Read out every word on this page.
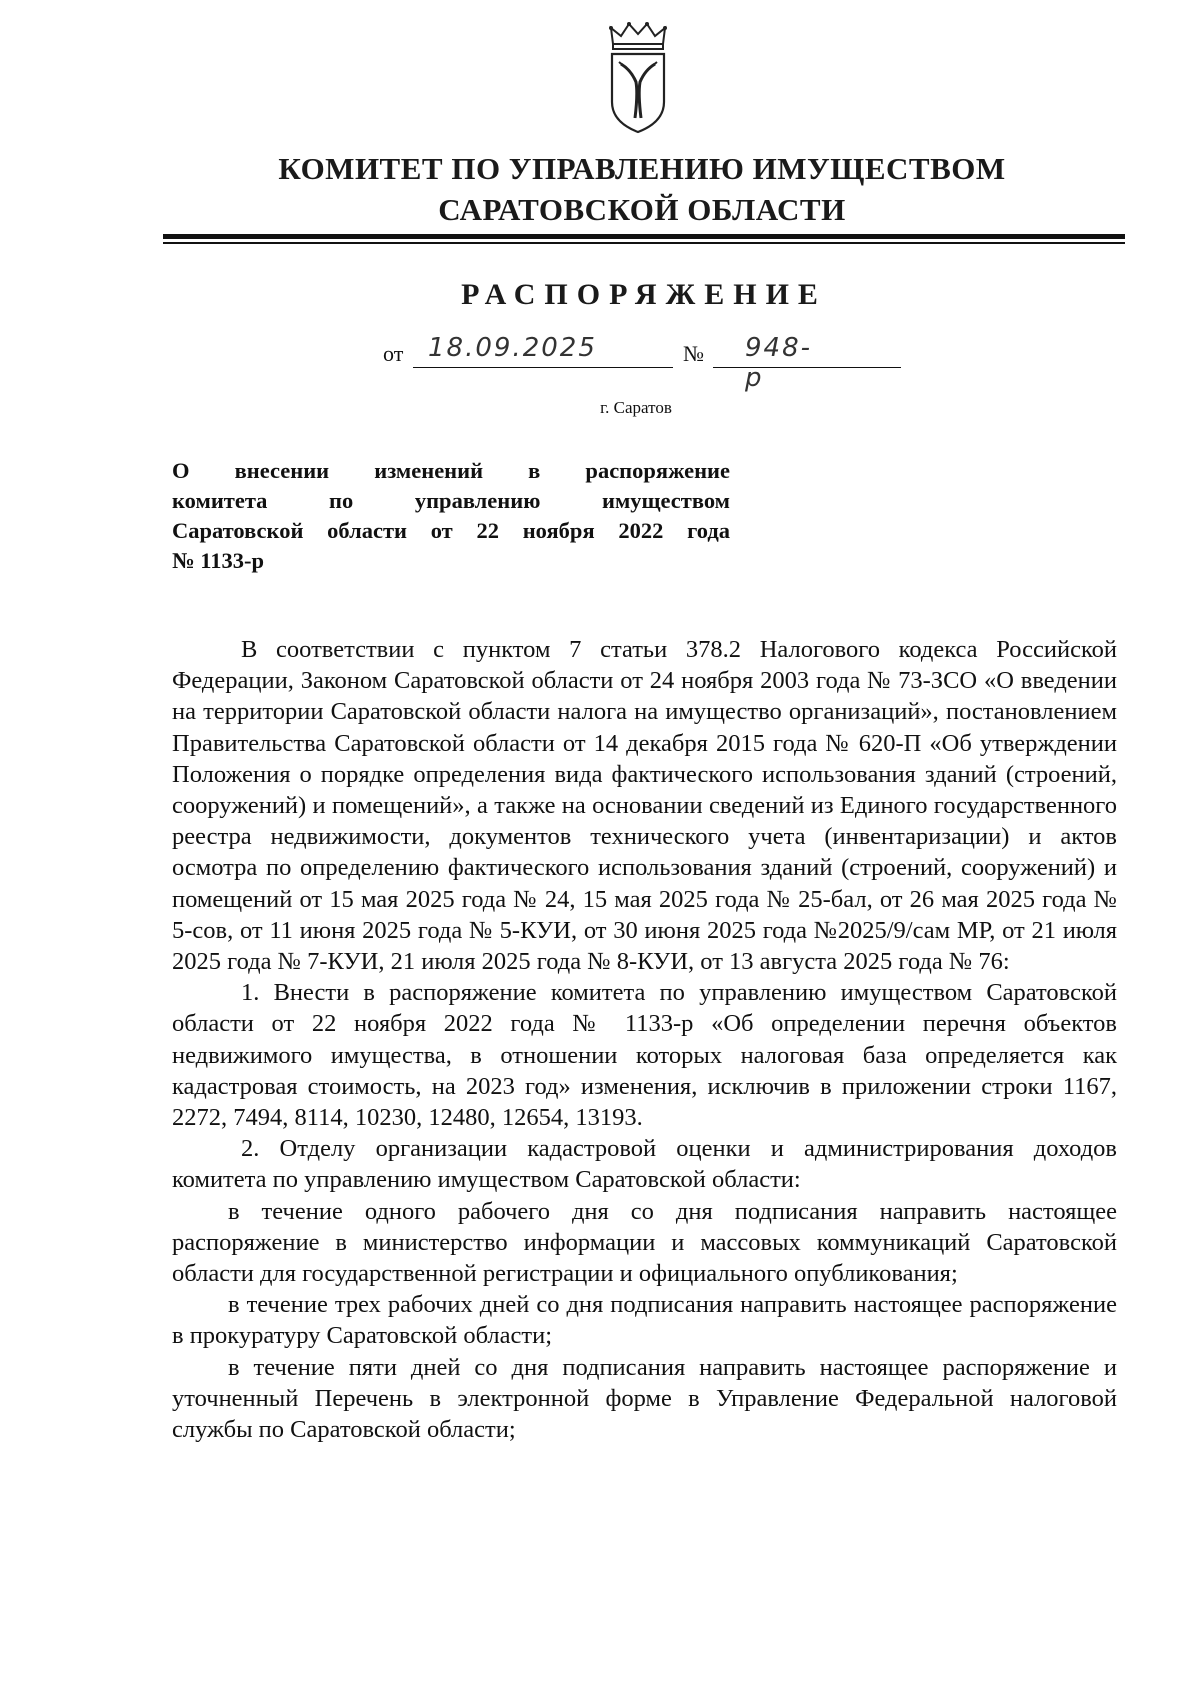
КОМИТЕТ ПО УПРАВЛЕНИЮ ИМУЩЕСТВОМ
САРАТОВСКОЙ ОБЛАСТИ
РАСПОРЯЖЕНИЕ
от 18.09.2025	№ 948-р
г. Саратов
О внесении изменений в распоряжение
комитета по управлению имуществом
Саратовской области от 22 ноября 2022 года
№ 1133-р

В соответствии с пунктом 7 статьи 378.2 Налогового кодекса Российской Федерации, Законом Саратовской области от 24 ноября 2003 года № 73-ЗСО «О введении на территории Саратовской области налога на имущество организаций», постановлением Правительства Саратовской области от 14 декабря 2015 года № 620-П «Об утверждении Положения о порядке определения вида фактического использования зданий (строений, сооружений) и помещений», а также на основании сведений из Единого государственного реестра недвижимости, документов технического учета (инвентаризации) и актов осмотра по определению фактического использования зданий (строений, сооружений) и помещений от 15 мая 2025 года № 24, 15 мая 2025 года № 25-бал, от 26 мая 2025 года № 5-сов, от 11 июня 2025 года № 5-КУИ, от 30 июня 2025 года №2025/9/сам МР, от 21 июля 2025 года № 7-КУИ, 21 июля 2025 года № 8-КУИ, от 13 августа 2025 года № 76:

1. Внести в распоряжение комитета по управлению имуществом Саратовской области от 22 ноября 2022 года № 1133-р «Об определении перечня объектов недвижимого имущества, в отношении которых налоговая база определяется как кадастровая стоимость, на 2023 год» изменения, исключив в приложении строки 1167, 2272, 7494, 8114, 10230, 12480, 12654, 13193.

2. Отделу организации кадастровой оценки и администрирования доходов комитета по управлению имуществом Саратовской области:

в течение одного рабочего дня со дня подписания направить настоящее распоряжение в министерство информации и массовых коммуникаций Саратовской области для государственной регистрации и официального опубликования;

в течение трех рабочих дней со дня подписания направить настоящее распоряжение в прокуратуру Саратовской области;

в течение пяти дней со дня подписания направить настоящее распоряжение и уточненный Перечень в электронной форме в Управление Федеральной налоговой службы по Саратовской области;
